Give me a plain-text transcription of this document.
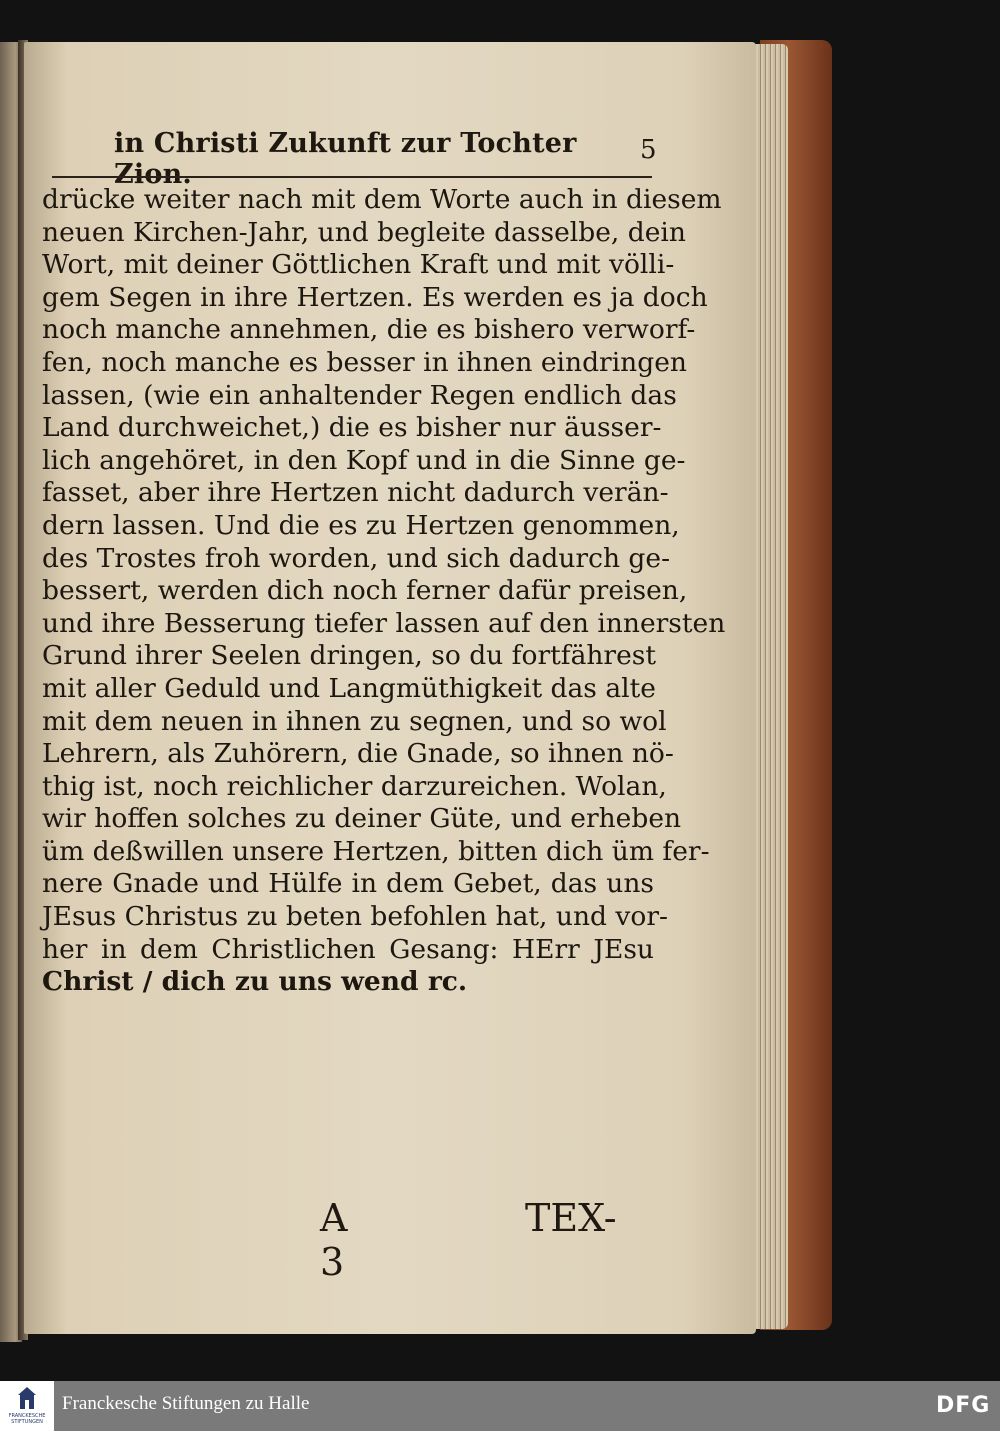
in Christi Zukunft zur Tochter Zion.
5
drücke weiter nach mit dem Worte auch in diesem
neuen Kirchen-Jahr, und begleite dasselbe, dein
Wort, mit deiner Göttlichen Kraft und mit völli-
gem Segen in ihre Hertzen. Es werden es ja doch
noch manche annehmen, die es bishero verworf-
fen, noch manche es besser in ihnen eindringen
lassen, (wie ein anhaltender Regen endlich das
Land durchweichet,) die es bisher nur äusser-
lich angehöret, in den Kopf und in die Sinne ge-
fasset, aber ihre Hertzen nicht dadurch verän-
dern lassen. Und die es zu Hertzen genommen,
des Trostes froh worden, und sich dadurch ge-
bessert, werden dich noch ferner dafür preisen,
und ihre Besserung tiefer lassen auf den innersten
Grund ihrer Seelen dringen, so du fortfährest
mit aller Geduld und Langmüthigkeit das alte
mit dem neuen in ihnen zu segnen, und so wol
Lehrern, als Zuhörern, die Gnade, so ihnen nö-
thig ist, noch reichlicher darzureichen. Wolan,
wir hoffen solches zu deiner Güte, und erheben
üm deßwillen unsere Hertzen, bitten dich üm fer-
nere Gnade und Hülfe in dem Gebet, das uns
JEsus Christus zu beten befohlen hat, und vor-
her in dem Christlichen Gesang: HErr JEsu
Christ / dich zu uns wend rc.
A 3
TEX-
FRANCKESCHE STIFTUNGEN
Franckesche Stiftungen zu Halle	DFG
